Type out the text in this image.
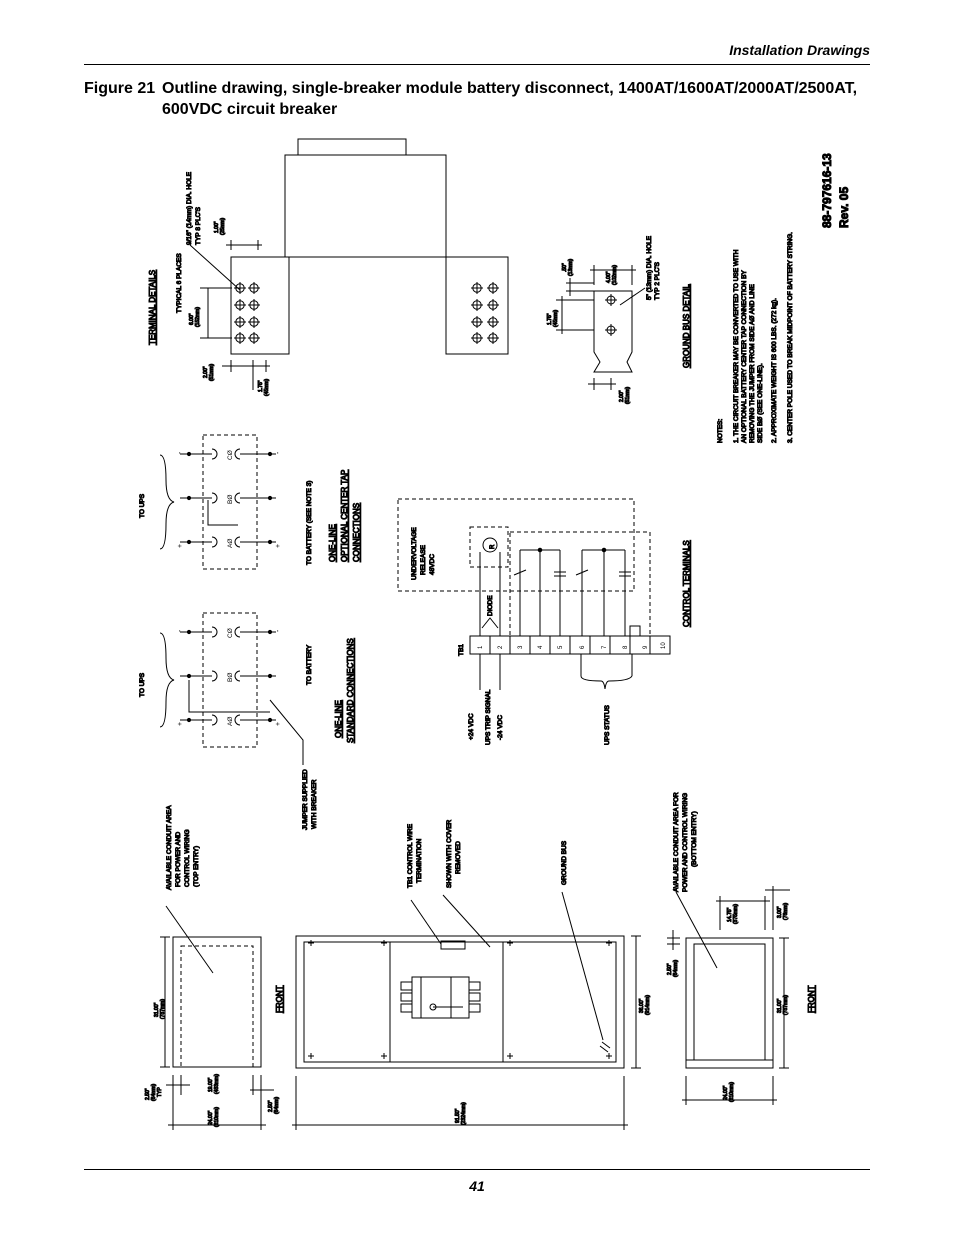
Installation Drawings
Figure 21 Outline drawing, single-breaker module battery disconnect, 1400AT/1600AT/2000AT/2500AT, 600VDC circuit breaker
TERMINAL DETAILS
9/16" (14mm) DIA. HOLE TYP 8 PLC'S
TYPICAL 6 PLACES
1.00" (25mm)
6.00" (152mm)
2.00" (51mm)
1.75" (45mm)
.50" (13mm)
4.00" (102mm)	5" (13mm) DIA. HOLE TYP 2 PLC'S
1.75" (45mm)
2.00" (51mm)
GROUND BUS DETAIL
NOTES: 1. THE CIRCUIT BREAKER MAY BE CONVERTED TO USE WITH AN OPTIONAL BATTERY CENTER TAP CONNECTION BY REMOVING THE JUMPER FROM SIDE AØ AND LINE SIDE BØ (SEE ONE-LINE). 2. APPROXIMATE WEIGHT IS 600 LBS. (272 kg). 3. CENTER POLE USED TO BREAK MIDPOINT OF BATTERY STRING.
88-797616-13 Rev. 05
AØ
BØ
CØ
+
-
+
-
TO UPS	TO BATTERY (SEE NOTE 3) ONE-LINE OPTIONAL CENTER TAP CONNECTIONS
AØ
BØ
CØ
+
-
+
-
TO UPS	TO BATTERY
ONE-LINE STANDARD CONNECTIONS
JUMPER SUPPLIED WITH BREAKER
1 2 3 4 5	6	7	8 9 10
R
UNDERVOLTAGE RELEASE 48VDC
DIODE
TB1
+24 VDC UPS TRIP SIGNAL -24 VDC	UPS STATUS
CONTROL TERMINALS
31.00" (787mm)
2.50" (64mm) TYP
24.00" (610mm)
19.00" (483mm)
2.50" (64mm)
AVAILABLE CONDUIT AREA FOR POWER AND CONTROL WIRING (TOP ENTRY)
FRONT
TB1 CONTROL WIRE TERMINATION	SHOWN WITH COVER REMOVED	GROUND BUS
36.00" (914mm)
91.50" (2324mm)
AVAILABLE CONDUIT AREA FOR POWER AND CONTROL WIRING (BOTTOM ENTRY)
14.75" (375mm)	3.00" (76mm)
2.50" (64mm)
31.00" (787mm)
24.00" (610mm)
FRONT
41
